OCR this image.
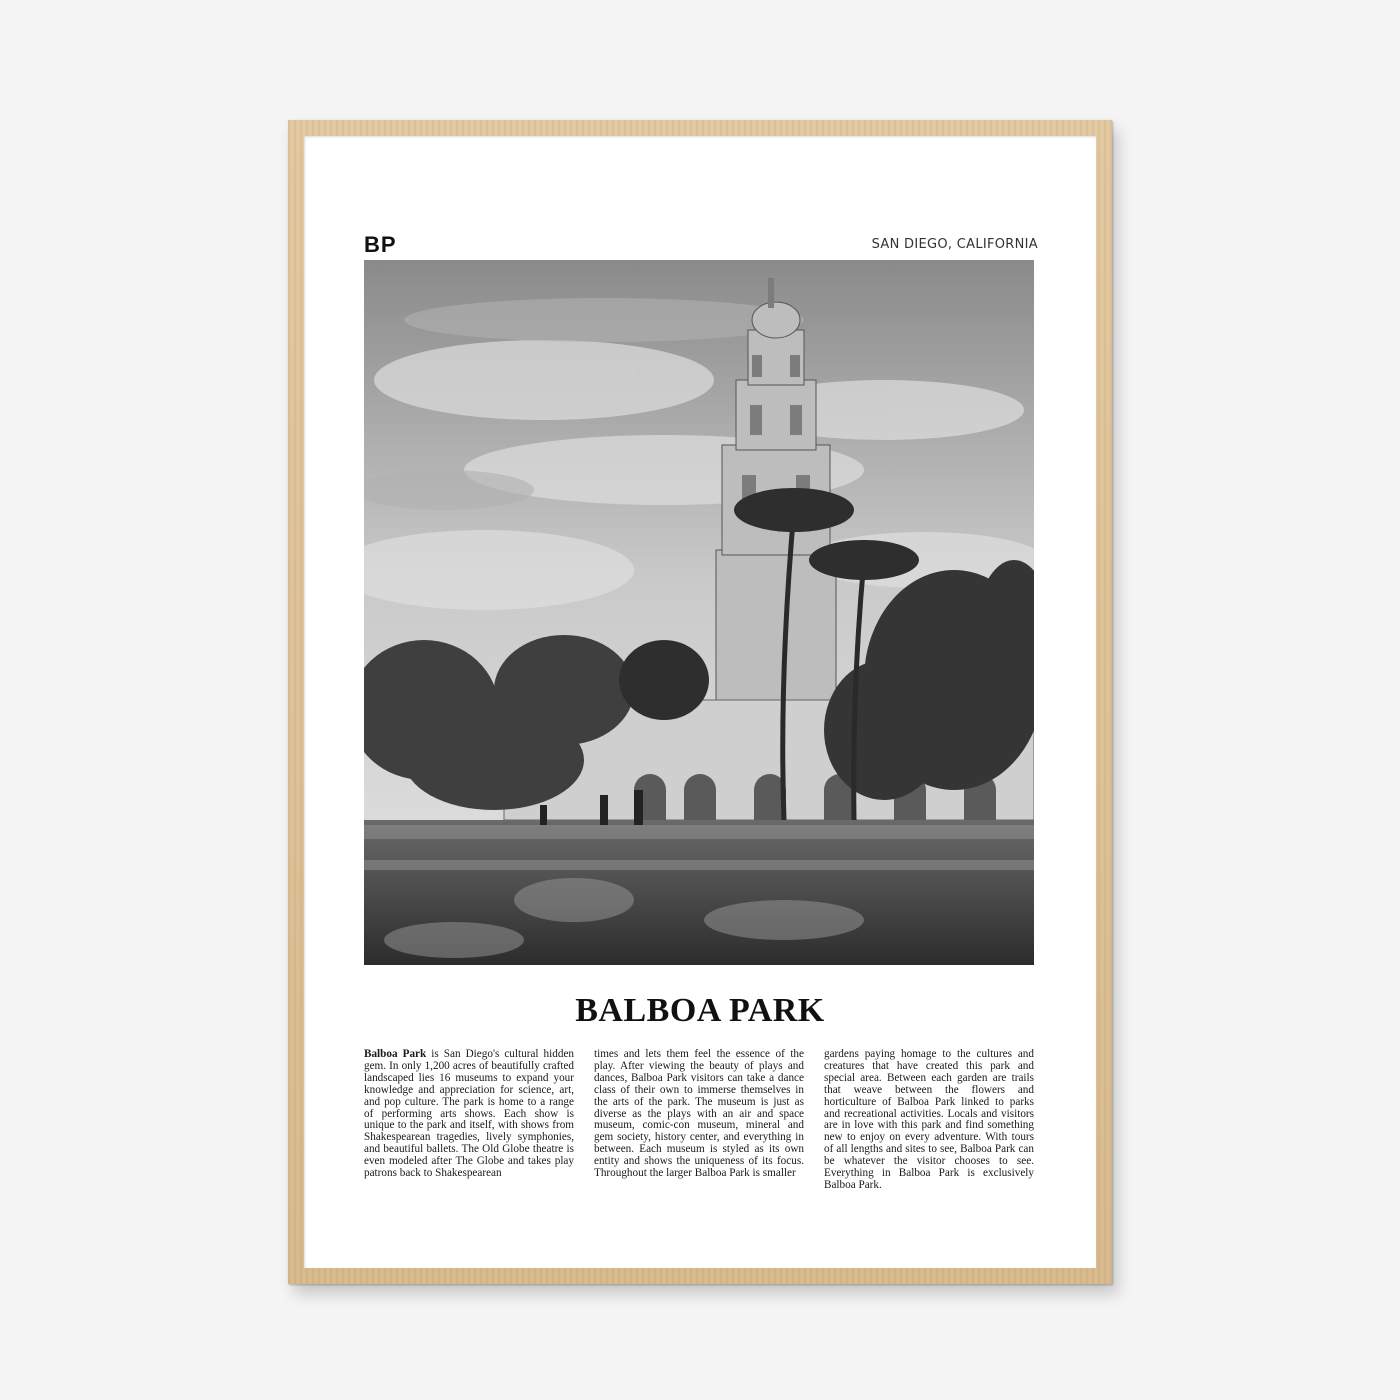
BP	SAN DIEGO, CALIFORNIA
BALBOA PARK
Balboa Park is San Diego's cultural hidden gem. In only 1,200 acres of beautifully crafted landscaped lies 16 museums to expand your knowledge and appreciation for science, art, and pop culture. The park is home to a range of performing arts shows. Each show is unique to the park and itself, with shows from Shakespearean tragedies, lively symphonies, and beautiful ballets. The Old Globe theatre is even modeled after The Globe and takes play patrons back to Shakespearean
times and lets them feel the essence of the play. After viewing the beauty of plays and dances, Balboa Park visitors can take a dance class of their own to immerse themselves in the arts of the park. The museum is just as diverse as the plays with an air and space museum, comic-con museum, mineral and gem society, history center, and everything in between. Each museum is styled as its own entity and shows the uniqueness of its focus. Throughout the larger Balboa Park is smaller
gardens paying homage to the cultures and creatures that have created this park and special area. Between each garden are trails that weave between the flowers and horticulture of Balboa Park linked to parks and recreational activities. Locals and visitors are in love with this park and find something new to enjoy on every adventure. With tours of all lengths and sites to see, Balboa Park can be whatever the visitor chooses to see. Everything in Balboa Park is exclusively Balboa Park.
